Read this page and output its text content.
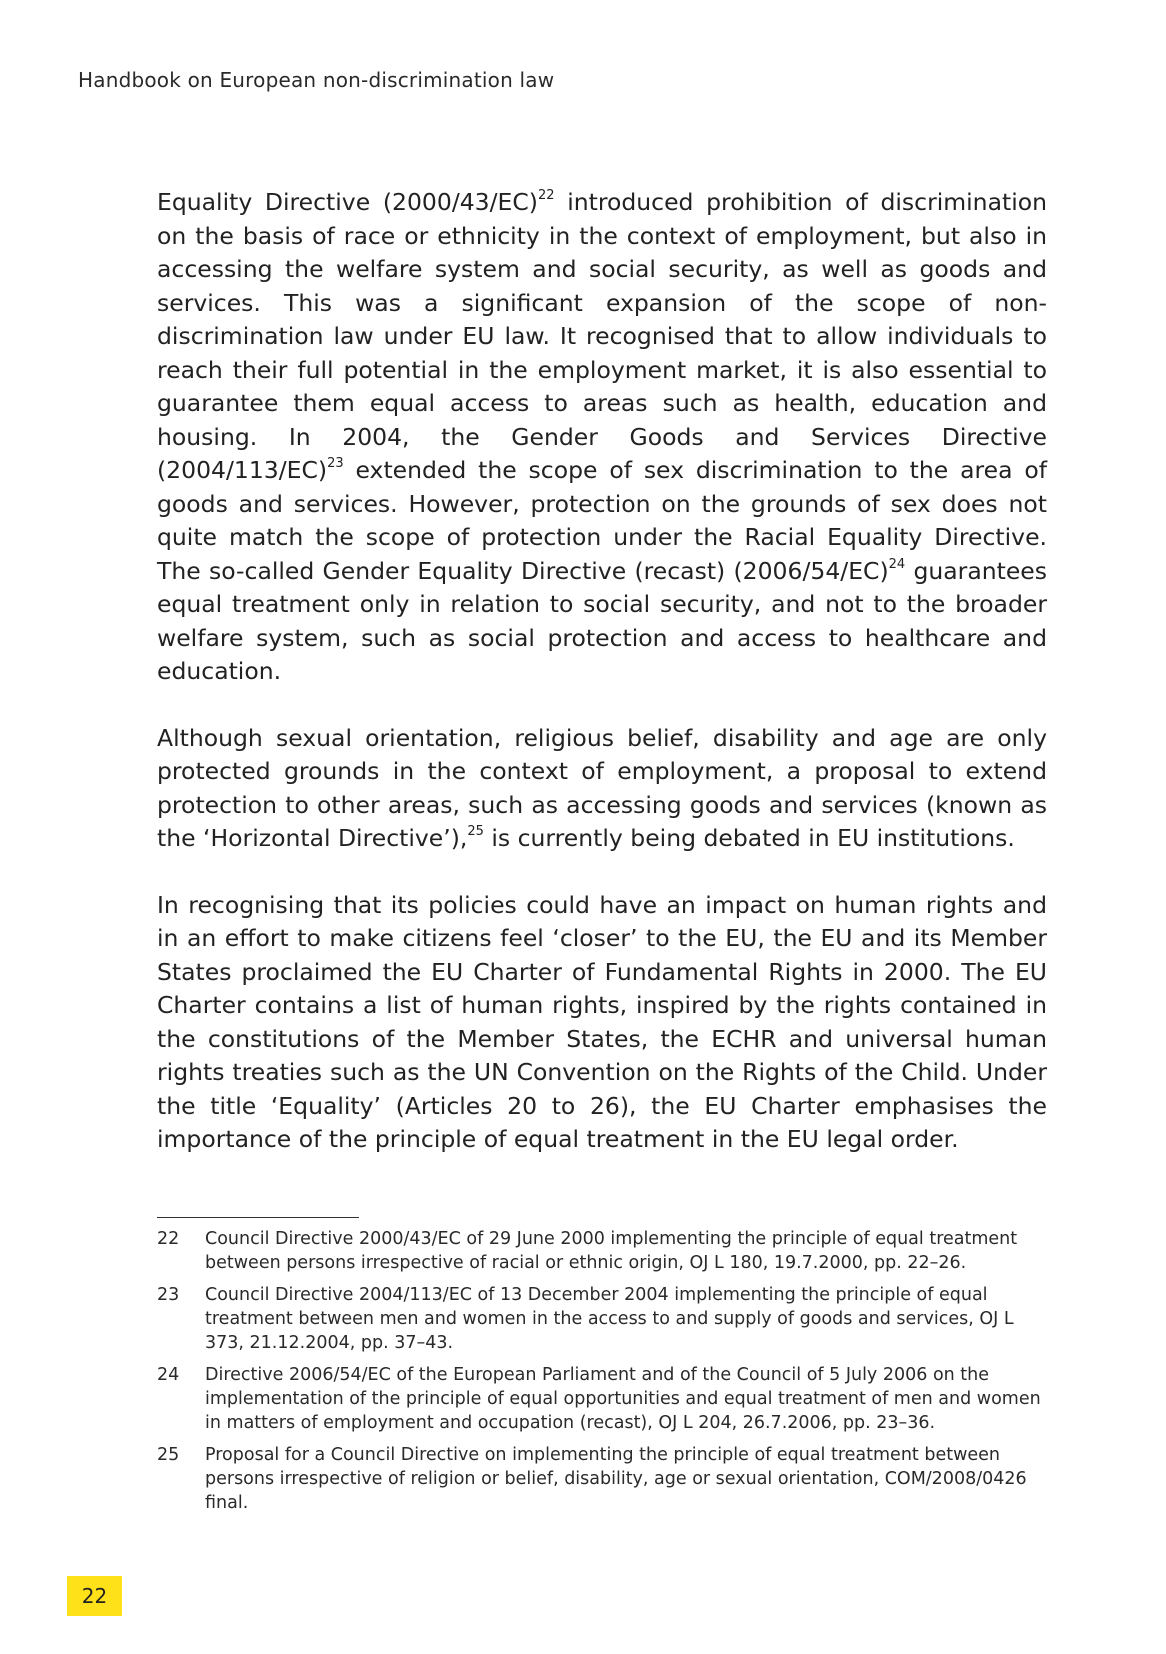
Handbook on European non-discrimination law

Equality Directive $(2000/43/EC)^{22}$ introduced prohibition of discrimination on the basis of race or ethnicity in the context of employment, but also in accessing the welfare system and social security, as well as goods and services. This was a significant expansion of the scope of non-discrimination law under EU law. It recognised that to allow individuals to reach their full potential in the employment market, it is also essential to guarantee them equal access to areas such as health, education and housing. In 2004, the Gender Goods and Services Directive $(2004/113/EC)^{23}$ extended the scope of sex discrimination to the area of goods and services. However, protection on the grounds of sex does not quite match the scope of protection under the Racial Equality Directive. The so-called Gender Equality Directive (recast) $(2006/54/EC)^{24}$ guarantees equal treatment only in relation to social security, and not to the broader welfare system, such as social protection and access to healthcare and education.

Although sexual orientation, religious belief, disability and age are only protected grounds in the context of employment, a proposal to extend protection to other areas, such as accessing goods and services (known as the ‘Horizontal Directive’),$^{25}$ is currently being debated in EU institutions.

In recognising that its policies could have an impact on human rights and in an effort to make citizens feel ‘closer’ to the EU, the EU and its Member States proclaimed the EU Charter of Fundamental Rights in 2000. The EU Charter contains a list of human rights, inspired by the rights contained in the constitutions of the Member States, the ECHR and universal human rights treaties such as the UN Convention on the Rights of the Child. Under the title ‘Equality’ (Articles 20 to 26), the EU Charter emphasises the importance of the principle of equal treatment in the EU legal order.

22	Council Directive 2000/43/EC of 29 June 2000 implementing the principle of equal treatment between persons irrespective of racial or ethnic origin, OJ L 180, 19.7.2000, pp. 22–26.
23	Council Directive 2004/113/EC of 13 December 2004 implementing the principle of equal treatment between men and women in the access to and supply of goods and services, OJ L 373, 21.12.2004, pp. 37–43.
24	Directive 2006/54/EC of the European Parliament and of the Council of 5 July 2006 on the implementation of the principle of equal opportunities and equal treatment of men and women in matters of employment and occupation (recast), OJ L 204, 26.7.2006, pp. 23–36.
25	Proposal for a Council Directive on implementing the principle of equal treatment between persons irrespective of religion or belief, disability, age or sexual orientation, COM/2008/0426 final.
22
